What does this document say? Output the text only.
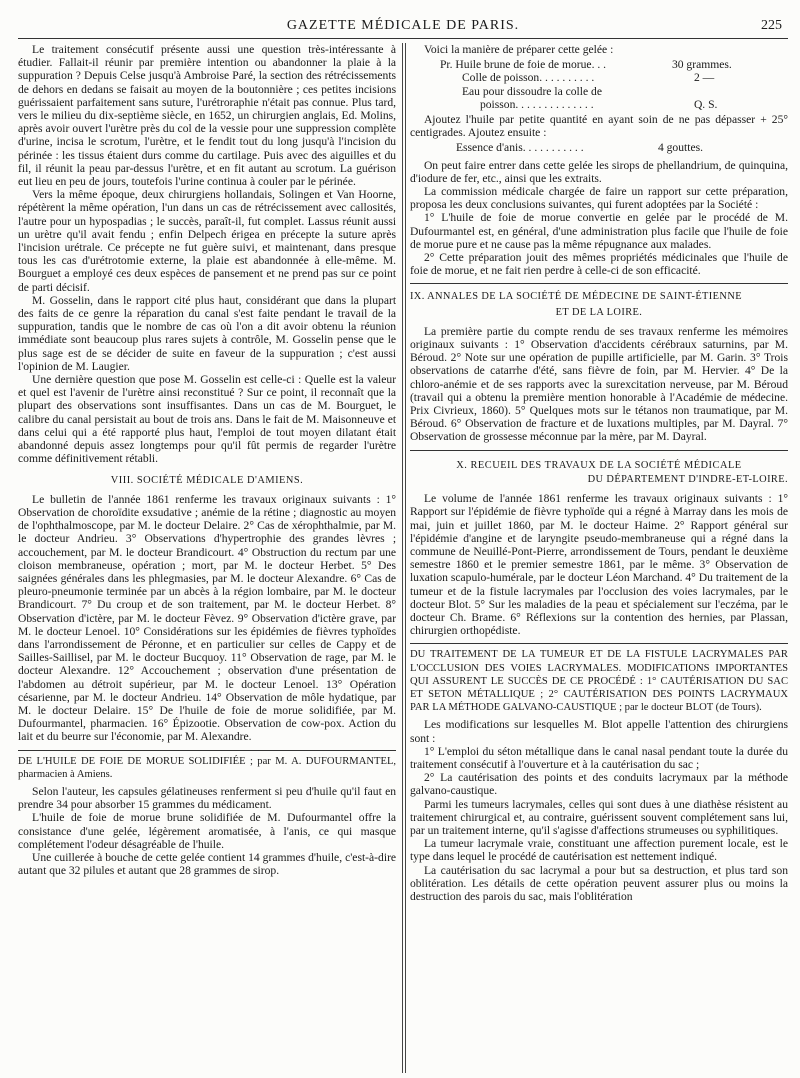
GAZETTE MÉDICALE DE PARIS.	225

Le traitement consécutif présente aussi une question très-intéressante à étudier. Fallait-il réunir par première intention ou abandonner la plaie à la suppuration ? Depuis Celse jusqu'à Ambroise Paré, la section des rétrécissements de dehors en dedans se faisait au moyen de la boutonnière ; ces petites incisions guérissaient parfaitement sans suture, l'urétroraphie n'était pas connue. Plus tard, vers le milieu du dix-septième siècle, en 1652, un chirurgien anglais, Ed. Molins, après avoir ouvert l'urètre près du col de la vessie pour une suppression complète d'urine, incisa le scrotum, l'urètre, et le fendit tout du long jusqu'à l'incision du périnée : les tissus étaient durs comme du cartilage. Puis avec des aiguilles et du fil, il réunit la peau par-dessus l'urètre, et en fit autant au scrotum. La guérison eut lieu en peu de jours, toutefois l'urine continua à couler par le périnée.

Vers la même époque, deux chirurgiens hollandais, Solingen et Van Hoorne, répétèrent la même opération, l'un dans un cas de rétrécissement avec callosités, l'autre pour un hypospadias ; le succès, paraît-il, fut complet. Lassus réunit aussi un urètre qu'il avait fendu ; enfin Delpech érigea en précepte la suture après l'incision urétrale. Ce précepte ne fut guère suivi, et maintenant, dans presque tous les cas d'urétrotomie externe, la plaie est abandonnée à elle-même. M. Bourguet a employé ces deux espèces de pansement et ne prend pas sur ce point de parti décisif.

M. Gosselin, dans le rapport cité plus haut, considérant que dans la plupart des faits de ce genre la réparation du canal s'est faite pendant le travail de la suppuration, tandis que le nombre de cas où l'on a dit avoir obtenu la réunion immédiate sont beaucoup plus rares sujets à contrôle, M. Gosselin pense que le plus sage est de se décider de suite en faveur de la suppuration ; c'est aussi l'opinion de M. Laugier.

Une dernière question que pose M. Gosselin est celle-ci : Quelle est la valeur et quel est l'avenir de l'urètre ainsi reconstitué ? Sur ce point, il reconnaît que la plupart des observations sont insuffisantes. Dans un cas de M. Bourguet, le calibre du canal persistait au bout de trois ans. Dans le fait de M. Maisonneuve et dans celui qui a été rapporté plus haut, l'emploi de tout moyen dilatant était abandonné depuis assez longtemps pour qu'il fût permis de regarder l'urètre comme définitivement rétabli.

VIII. SOCIÉTÉ MÉDICALE D'AMIENS.

Le bulletin de l'année 1861 renferme les travaux originaux suivants : 1° Observation de choroïdite exsudative ; anémie de la rétine ; diagnostic au moyen de l'ophthalmoscope, par M. le docteur Delaire. 2° Cas de xérophthalmie, par M. le docteur Andrieu. 3° Observations d'hypertrophie des grandes lèvres ; accouchement, par M. le docteur Brandicourt. 4° Obstruction du rectum par une cloison membraneuse, opération ; mort, par M. le docteur Herbet. 5° Des saignées générales dans les phlegmasies, par M. le docteur Alexandre. 6° Cas de pleuro-pneumonie terminée par un abcès à la région lombaire, par M. le docteur Brandicourt. 7° Du croup et de son traitement, par M. le docteur Herbet. 8° Observation d'ictère, par M. le docteur Fèvez. 9° Observation d'ictère grave, par M. le docteur Lenoel. 10° Considérations sur les épidémies de fièvres typhoïdes dans l'arrondissement de Péronne, et en particulier sur celles de Cappy et de Sailles-Saillisel, par M. le docteur Bucquoy. 11° Observation de rage, par M. le docteur Alexandre. 12° Accouchement ; observation d'une présentation de l'abdomen au détroit supérieur, par M. le docteur Lenoel. 13° Opération césarienne, par M. le docteur Andrieu. 14° Observation de môle hydatique, par M. le docteur Delaire. 15° De l'huile de foie de morue solidifiée, par M. Dufourmantel, pharmacien. 16° Épizootie. Observation de cow-pox. Action du lait et du beurre sur l'économie, par M. Alexandre.

DE L'HUILE DE FOIE DE MORUE SOLIDIFIÉE ; par M. A. DUFOURMANTEL, pharmacien à Amiens.

Selon l'auteur, les capsules gélatineuses renferment si peu d'huile qu'il faut en prendre 34 pour absorber 15 grammes du médicament.

L'huile de foie de morue brune solidifiée de M. Dufourmantel offre la consistance d'une gelée, légèrement aromatisée, à l'anis, ce qui masque complétement l'odeur désagréable de l'huile.

Une cuillerée à bouche de cette gelée contient 14 grammes d'huile, c'est-à-dire autant que 32 pilules et autant que 28 grammes de sirop.

Voici la manière de préparer cette gelée :

Pr. Huile brune de foie de morue. . .	30 grammes.
Colle de poisson. . . . . . . . . .	2 —
Eau pour dissoudre la colle de
poisson. . . . . . . . . . . . . .	Q. S.

Ajoutez l'huile par petite quantité en ayant soin de ne pas dépasser + 25° centigrades. Ajoutez ensuite :

Essence d'anis. . . . . . . . . . .	4 gouttes.

On peut faire entrer dans cette gelée les sirops de phellandrium, de quinquina, d'iodure de fer, etc., ainsi que les extraits.

La commission médicale chargée de faire un rapport sur cette préparation, proposa les deux conclusions suivantes, qui furent adoptées par la Société :

1° L'huile de foie de morue convertie en gelée par le procédé de M. Dufourmantel est, en général, d'une administration plus facile que l'huile de foie de morue pure et ne cause pas la même répugnance aux malades.

2° Cette préparation jouit des mêmes propriétés médicinales que l'huile de foie de morue, et ne fait rien perdre à celle-ci de son efficacité.

IX. ANNALES DE LA SOCIÉTÉ DE MÉDECINE DE SAINT-ÉTIENNE
ET DE LA LOIRE.

La première partie du compte rendu de ses travaux renferme les mémoires originaux suivants : 1° Observation d'accidents cérébraux saturnins, par M. Béroud. 2° Note sur une opération de pupille artificielle, par M. Garin. 3° Trois observations de catarrhe d'été, sans fièvre de foin, par M. Hervier. 4° De la chloro-anémie et de ses rapports avec la surexcitation nerveuse, par M. Béroud (travail qui a obtenu la première mention honorable à l'Académie de médecine. Prix Civrieux, 1860). 5° Quelques mots sur le tétanos non traumatique, par M. Béroud. 6° Observation de fracture et de luxations multiples, par M. Dayral. 7° Observation de grossesse méconnue par la mère, par M. Dayral.

X. RECUEIL DES TRAVAUX DE LA SOCIÉTÉ MÉDICALE
DU DÉPARTEMENT D'INDRE-ET-LOIRE.

Le volume de l'année 1861 renferme les travaux originaux suivants : 1° Rapport sur l'épidémie de fièvre typhoïde qui a régné à Marray dans les mois de mai, juin et juillet 1860, par M. le docteur Haime. 2° Rapport général sur l'épidémie d'angine et de laryngite pseudo-membraneuse qui a régné dans la commune de Neuillé-Pont-Pierre, arrondissement de Tours, pendant le deuxième semestre 1860 et le premier semestre 1861, par le même. 3° Observation de luxation scapulo-humérale, par le docteur Léon Marchand. 4° Du traitement de la tumeur et de la fistule lacrymales par l'occlusion des voies lacrymales, par le docteur Blot. 5° Sur les maladies de la peau et spécialement sur l'eczéma, par le docteur Ch. Brame. 6° Réflexions sur la contention des hernies, par Plassan, chirurgien orthopédiste.

DU TRAITEMENT DE LA TUMEUR ET DE LA FISTULE LACRYMALES PAR L'OCCLUSION DES VOIES LACRYMALES. MODIFICATIONS IMPORTANTES QUI ASSURENT LE SUCCÈS DE CE PROCÉDÉ : 1° CAUTÉRISATION DU SAC ET SETON MÉTALLIQUE ; 2° CAUTÉRISATION DES POINTS LACRYMAUX PAR LA MÉTHODE GALVANO-CAUSTIQUE ; par le docteur BLOT (de Tours).

Les modifications sur lesquelles M. Blot appelle l'attention des chirurgiens sont :

1° L'emploi du séton métallique dans le canal nasal pendant toute la durée du traitement consécutif à l'ouverture et à la cautérisation du sac ;

2° La cautérisation des points et des conduits lacrymaux par la méthode galvano-caustique.

Parmi les tumeurs lacrymales, celles qui sont dues à une diathèse résistent au traitement chirurgical et, au contraire, guérissent souvent complétement sans lui, par un traitement interne, qu'il s'agisse d'affections strumeuses ou syphilitiques.

La tumeur lacrymale vraie, constituant une affection purement locale, est le type dans lequel le procédé de cautérisation est nettement indiqué.

La cautérisation du sac lacrymal a pour but sa destruction, et plus tard son oblitération. Les détails de cette opération peuvent assurer plus ou moins la destruction des parois du sac, mais l'oblitération
